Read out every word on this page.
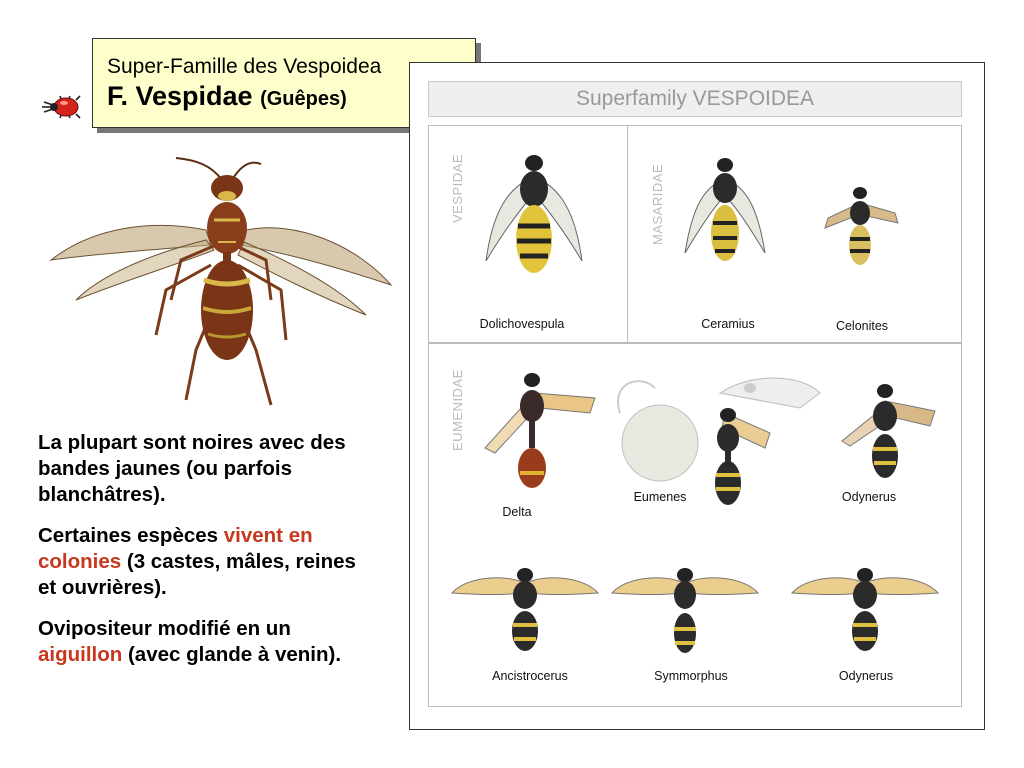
Super-Famille des Vespoidea
F. Vespidae (Guêpes)

La plupart sont noires avec des bandes jaunes (ou parfois blanchâtres).

Certaines espèces vivent en colonies (3 castes, mâles, reines et ouvrières).

Ovipositeur modifié en un aiguillon (avec glande à venin).

Superfamily VESPOIDEA
VESPIDAE	MASARIDAE
EUMENIDAE
Dolichovespula	Ceramius	Celonites
Delta
Eumenes	Odynerus
Ancistrocerus	Symmorphus	Odynerus
